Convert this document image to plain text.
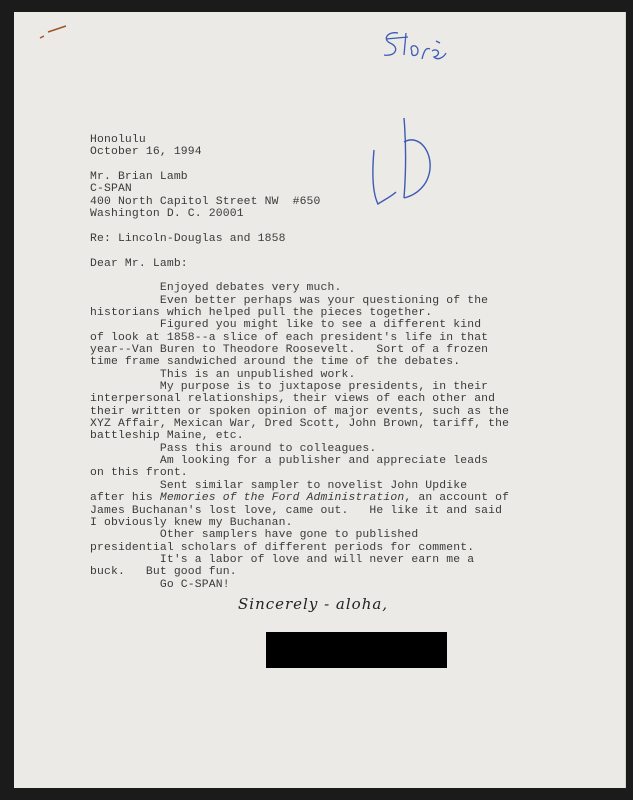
Honolulu
October 16, 1994
Mr. Brian Lamb
C-SPAN
400 North Capitol Street NW  #650
Washington D. C. 20001
Re: Lincoln-Douglas and 1858
Dear Mr. Lamb:
Enjoyed debates very much.
Even better perhaps was your questioning of the
historians which helped pull the pieces together.
Figured you might like to see a different kind
of look at 1858--a slice of each president's life in that
year--Van Buren to Theodore Roosevelt.   Sort of a frozen
time frame sandwiched around the time of the debates.
This is an unpublished work.
My purpose is to juxtapose presidents, in their
interpersonal relationships, their views of each other and
their written or spoken opinion of major events, such as the
XYZ Affair, Mexican War, Dred Scott, John Brown, tariff, the
battleship Maine, etc.
Pass this around to colleagues.
Am looking for a publisher and appreciate leads
on this front.
Sent similar sampler to novelist John Updike
after his Memories of the Ford Administration, an account of
James Buchanan's lost love, came out.   He like it and said
I obviously knew my Buchanan.
Other samplers have gone to published
presidential scholars of different periods for comment.
It's a labor of love and will never earn me a
buck.   But good fun.
Go C-SPAN!
Sincerely - aloha,
